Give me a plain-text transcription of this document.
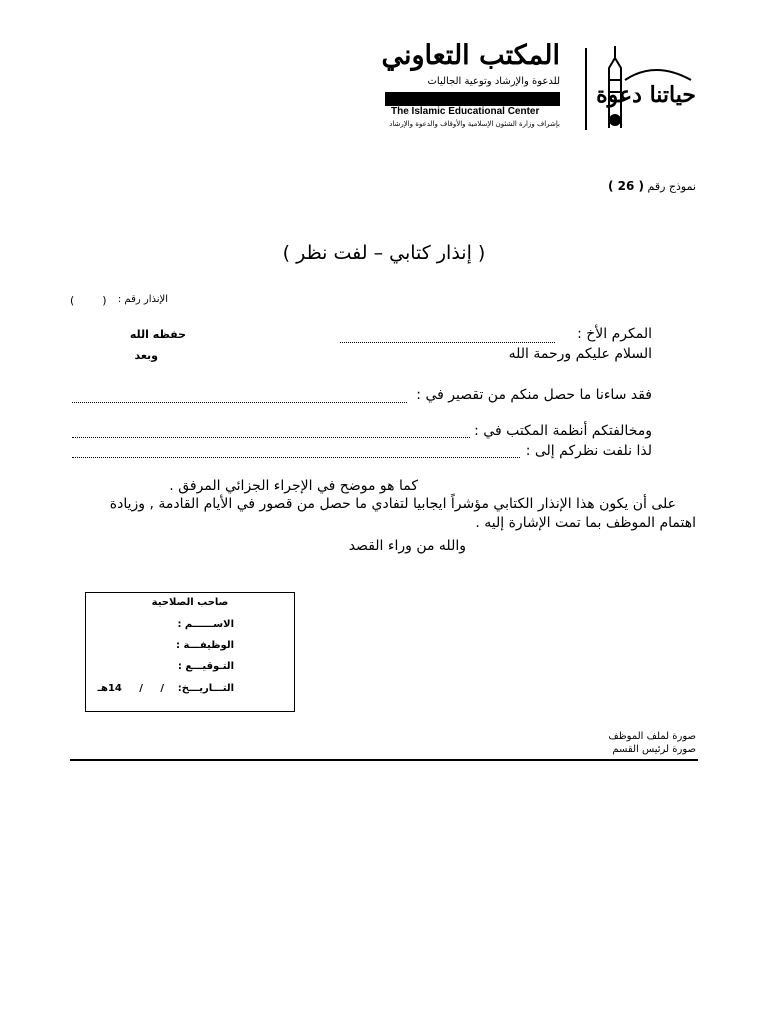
المكتب التعاوني
للدعوة والإرشاد وتوعية الجاليات
The Islamic Educational Center
بإشراف وزارة الشئون الإسلامية والأوقاف والدعوة والإرشاد
حياتنا دعوة
نموذج رقم ( 26 )
( إنذار كتابي – لفت نظر )
الإنذار رقم :
(        )
المكرم الأخ :
حفظه الله
السلام عليكم ورحمة الله
وبعد
فقد ساءنا ما حصل منكم من تقصير في :
ومخالفتكم أنظمة المكتب في :
لذا نلفت نظركم إلى :
كما هو موضح في الإجراء الجزائي المرفق .
على أن يكون هذا الإنذار الكتابي مؤشراً ايجابيا لتفادي ما حصل من قصور في الأيام القادمة , وزيادة
اهتمام الموظف بما تمت الإشارة إليه .
والله من وراء القصد
صاحب الصلاحية
الاســــــم :
الوظيفـــة :
التـوقيـــع :
التـــاريـــخ:
/     /     14هـ
صورة لملف الموظف
صورة لرئيس القسم
